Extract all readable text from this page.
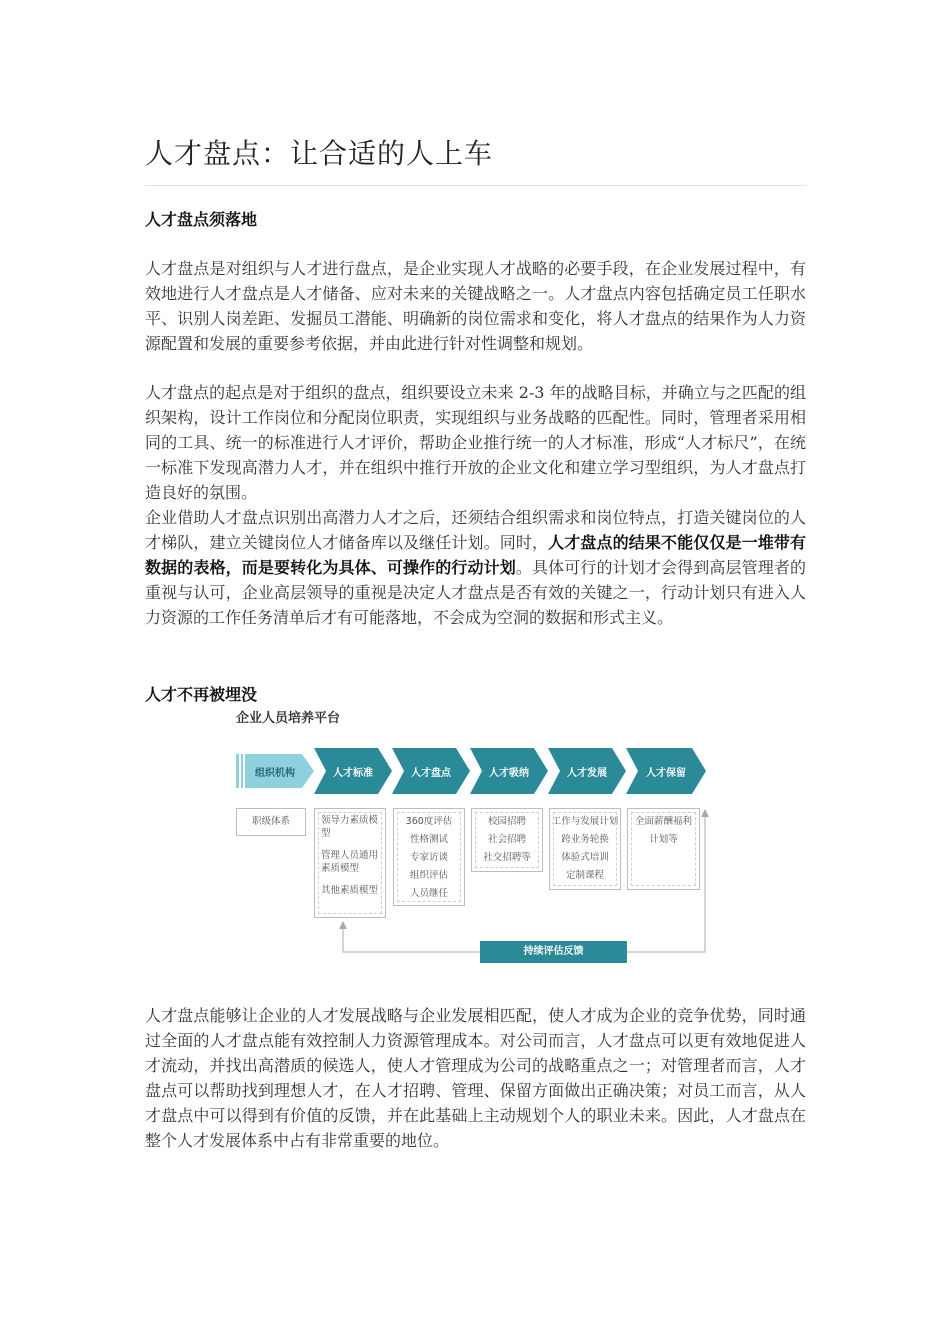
人才盘点：让合适的人上车
人才盘点须落地

人才盘点是对组织与人才进行盘点，是企业实现人才战略的必要手段，在企业发展过程中，有效地进行人才盘点是人才储备、应对未来的关键战略之一。人才盘点内容包括确定员工任职水平、识别人岗差距、发掘员工潜能、明确新的岗位需求和变化，将人才盘点的结果作为人力资源配置和发展的重要参考依据，并由此进行针对性调整和规划。

人才盘点的起点是对于组织的盘点，组织要设立未来 2-3 年的战略目标，并确立与之匹配的组织架构，设计工作岗位和分配岗位职责，实现组织与业务战略的匹配性。同时，管理者采用相同的工具、统一的标准进行人才评价，帮助企业推行统一的人才标准，形成“人才标尺”，在统一标准下发现高潜力人才，并在组织中推行开放的企业文化和建立学习型组织，为人才盘点打造良好的氛围。

企业借助人才盘点识别出高潜力人才之后，还须结合组织需求和岗位特点，打造关键岗位的人才梯队，建立关键岗位人才储备库以及继任计划。同时，人才盘点的结果不能仅仅是一堆带有数据的表格，而是要转化为具体、可操作的行动计划。具体可行的计划才会得到高层管理者的重视与认可，企业高层领导的重视是决定人才盘点是否有效的关键之一，行动计划只有进入人力资源的工作任务清单后才有可能落地，不会成为空洞的数据和形式主义。

人才不再被埋没
企业人员培养平台
组织机构	人才标准	人才盘点	人才吸纳	人才发展	人才保留
职级体系	领导力素质模型
管理人员通用素质模型
其他素质模型
360度评估
性格测试
专家访谈
组织评估
人员继任
校园招聘
社会招聘
社交招聘等
工作与发展计划
跨业务轮换
体验式培训
定制课程
全面薪酬福利计划等
持续评估反馈

人才盘点能够让企业的人才发展战略与企业发展相匹配，使人才成为企业的竞争优势，同时通过全面的人才盘点能有效控制人力资源管理成本。对公司而言，人才盘点可以更有效地促进人才流动，并找出高潜质的候选人，使人才管理成为公司的战略重点之一；对管理者而言，人才盘点可以帮助找到理想人才，在人才招聘、管理、保留方面做出正确决策；对员工而言，从人才盘点中可以得到有价值的反馈，并在此基础上主动规划个人的职业未来。因此，人才盘点在整个人才发展体系中占有非常重要的地位。
